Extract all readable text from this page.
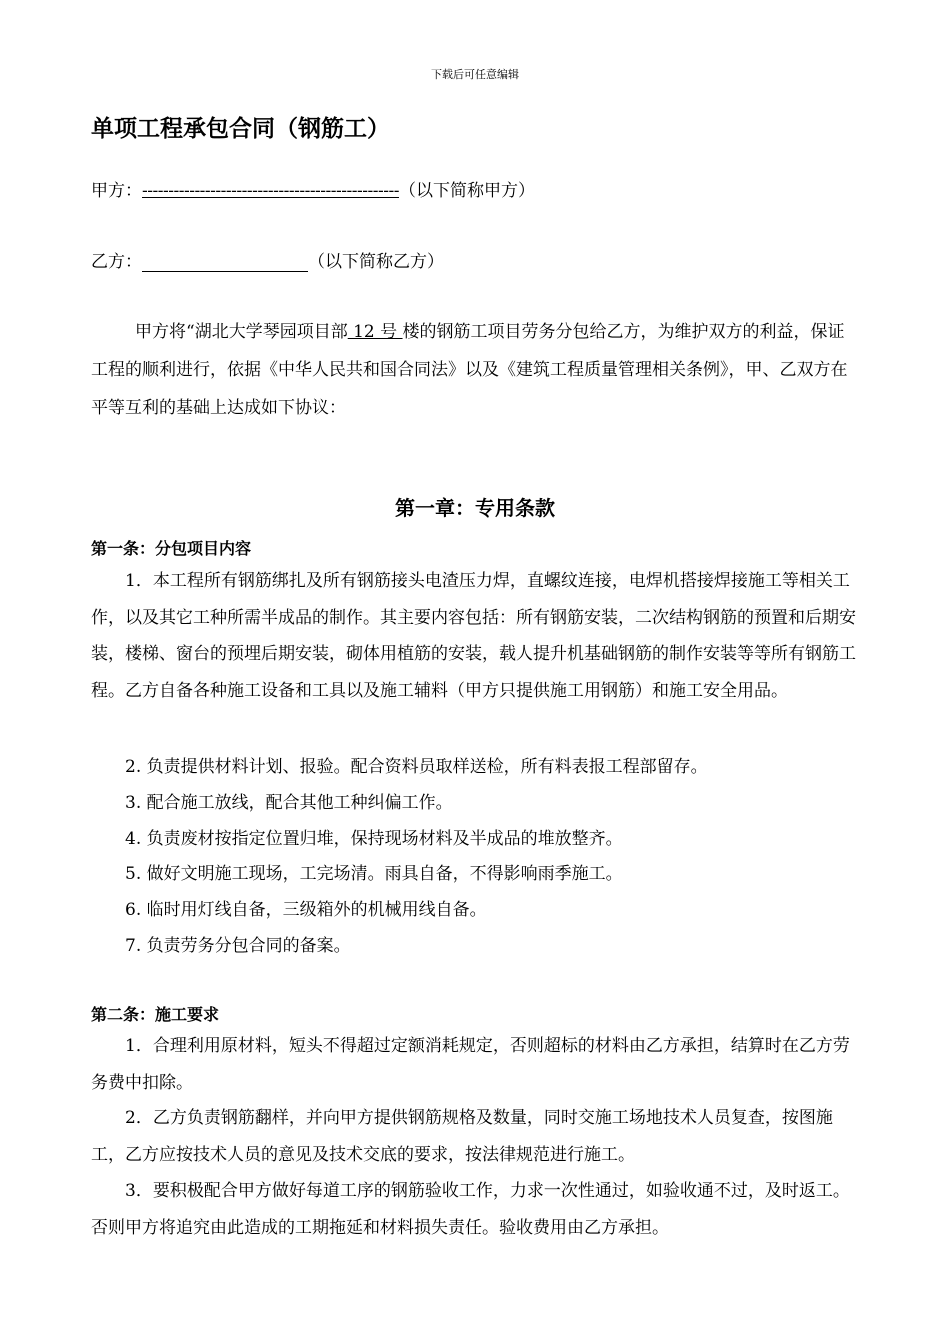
下载后可任意编辑
单项工程承包合同（钢筋工）
甲方：-------------------------------------------------（以下简称甲方）
乙方：	（以下简称乙方）
甲方将“湖北大学琴园项目部 12 号 楼的钢筋工项目劳务分包给乙方，为维护双方的利益，保证工程的顺利进行，依据《中华人民共和国合同法》以及《建筑工程质量管理相关条例》，甲、乙双方在平等互利的基础上达成如下协议：
第一章：专用条款
第一条：分包项目内容
1．本工程所有钢筋绑扎及所有钢筋接头电渣压力焊，直螺纹连接，电焊机搭接焊接施工等相关工作，以及其它工种所需半成品的制作。其主要内容包括：所有钢筋安装，二次结构钢筋的预置和后期安装，楼梯、窗台的预埋后期安装，砌体用植筋的安装，载人提升机基础钢筋的制作安装等等所有钢筋工程。乙方自备各种施工设备和工具以及施工辅料（甲方只提供施工用钢筋）和施工安全用品。
2. 负责提供材料计划、报验。配合资料员取样送检，所有料表报工程部留存。
3. 配合施工放线，配合其他工种纠偏工作。
4. 负责废材按指定位置归堆，保持现场材料及半成品的堆放整齐。
5. 做好文明施工现场，工完场清。雨具自备，不得影响雨季施工。
6. 临时用灯线自备，三级箱外的机械用线自备。
7. 负责劳务分包合同的备案。
第二条：施工要求
1．合理利用原材料，短头不得超过定额消耗规定，否则超标的材料由乙方承担，结算时在乙方劳务费中扣除。
2．乙方负责钢筋翻样，并向甲方提供钢筋规格及数量，同时交施工场地技术人员复查，按图施工，乙方应按技术人员的意见及技术交底的要求，按法律规范进行施工。
3．要积极配合甲方做好每道工序的钢筋验收工作，力求一次性通过，如验收通不过，及时返工。否则甲方将追究由此造成的工期拖延和材料损失责任。验收费用由乙方承担。
